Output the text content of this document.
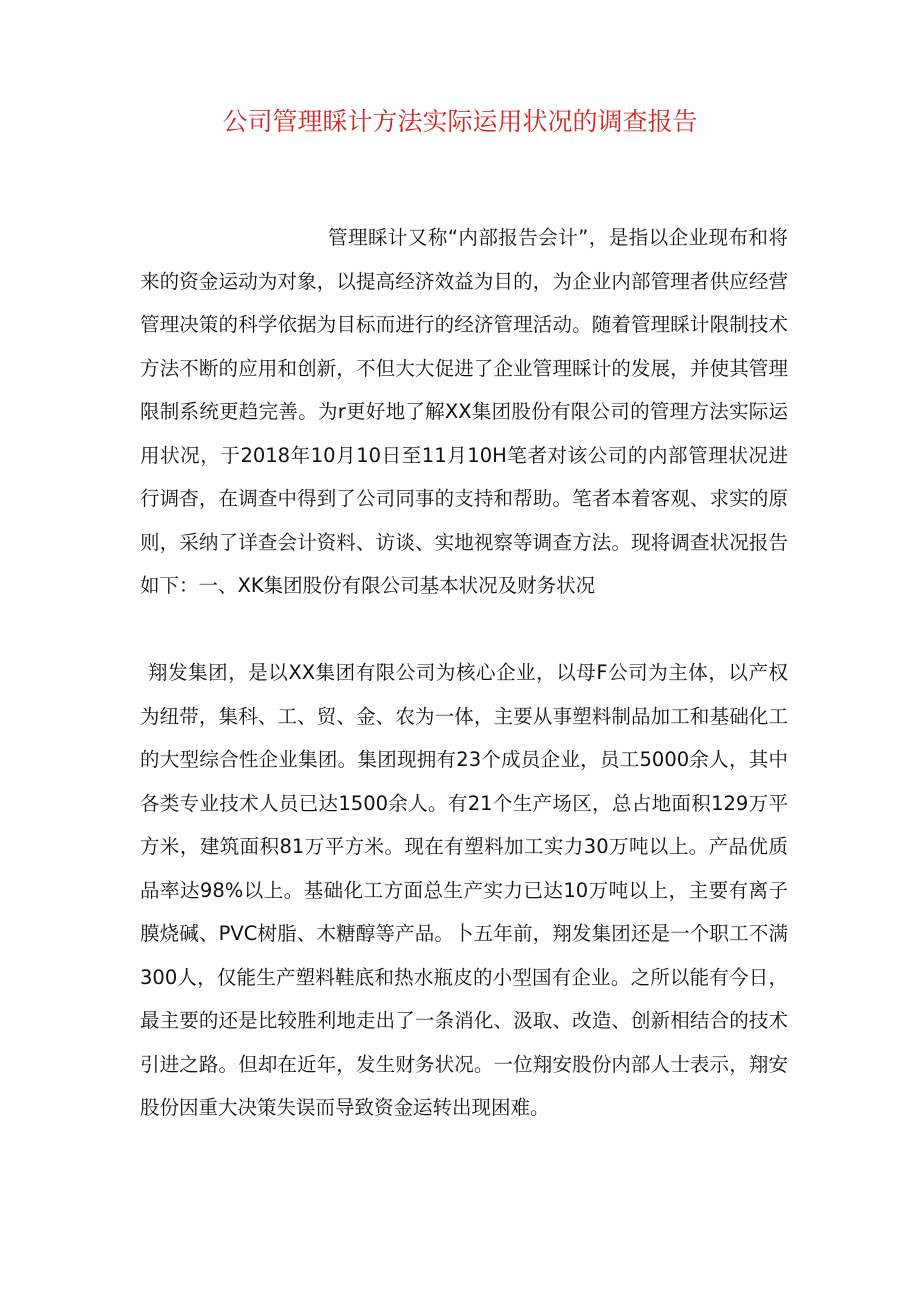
公司管理睬计方法实际运用状况的调查报告

管理睬计又称“内部报告会计”，是指以企业现布和将来的资金运动为对象，以提高经济效益为目的，为企业内部管理者供应经营管理决策的科学依据为目标而进行的经济管理活动。随着管理睬计限制技术方法不断的应用和创新，不但大大促进了企业管理睬计的发展，并使其管理限制系统更趋完善。为r更好地了解XX集团股份有限公司的管理方法实际运用状况，于2018年10月10日至11月10H笔者对该公司的内部管理状况进行调杳，在调查中得到了公司同事的支持和帮助。笔者本着客观、求实的原则，采纳了详查会计资料、访谈、实地视察等调查方法。现将调查状况报告如下：一、XK集团股份有限公司基本状况及财务状况

翔发集团，是以XX集团有限公司为核心企业，以母F公司为主体，以产权为纽带，集科、工、贸、金、农为一体，主要从事塑料制品加工和基础化工的大型综合性企业集团。集团现拥有23个成员企业，员工5000余人，其中各类专业技术人员已达1500余人。有21个生产场区，总占地面积129万平方米，建筑面积81万平方米。现在有塑料加工实力30万吨以上。产品优质品率达98%以上。基础化工方面总生产实力已达10万吨以上，主要有离子膜烧碱、PVC树脂、木糖醇等产品。卜五年前，翔发集团还是一个职工不满300人，仅能生产塑料鞋底和热水瓶皮的小型国有企业。之所以能有今日，最主要的还是比较胜利地走出了一条消化、汲取、改造、创新相结合的技术引进之路。但却在近年，发生财务状况。一位翔安股份内部人士表示，翔安股份因重大决策失误而导致资金运转出现困难。
